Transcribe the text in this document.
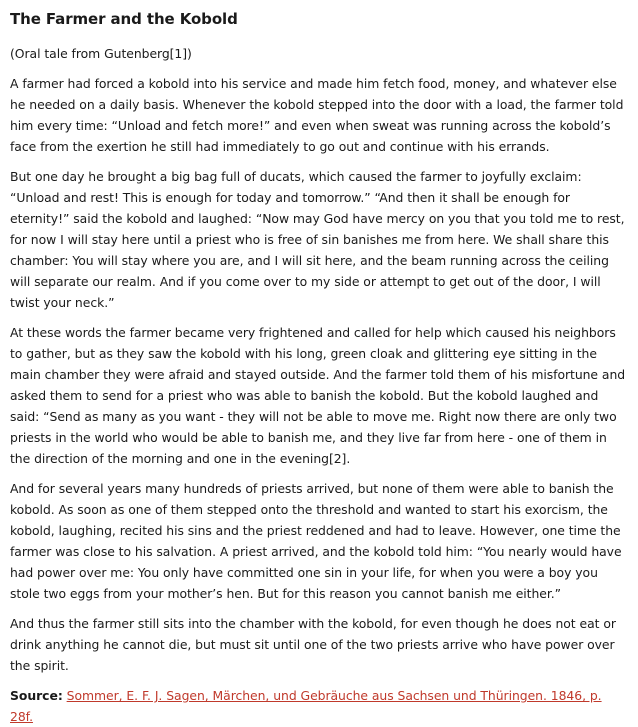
The Farmer and the Kobold

(Oral tale from Gutenberg[1])

A farmer had forced a kobold into his service and made him fetch food, money, and whatever else he needed on a daily basis. Whenever the kobold stepped into the door with a load, the farmer told him every time: “Unload and fetch more!” and even when sweat was running across the kobold’s face from the exertion he still had immediately to go out and continue with his errands.

But one day he brought a big bag full of ducats, which caused the farmer to joyfully exclaim: “Unload and rest! This is enough for today and tomorrow.” “And then it shall be enough for eternity!” said the kobold and laughed: “Now may God have mercy on you that you told me to rest, for now I will stay here until a priest who is free of sin banishes me from here. We shall share this chamber: You will stay where you are, and I will sit here, and the beam running across the ceiling will separate our realm. And if you come over to my side or attempt to get out of the door, I will twist your neck.”

At these words the farmer became very frightened and called for help which caused his neighbors to gather, but as they saw the kobold with his long, green cloak and glittering eye sitting in the main chamber they were afraid and stayed outside. And the farmer told them of his misfortune and asked them to send for a priest who was able to banish the kobold. But the kobold laughed and said: “Send as many as you want - they will not be able to move me. Right now there are only two priests in the world who would be able to banish me, and they live far from here - one of them in the direction of the morning and one in the evening[2].

And for several years many hundreds of priests arrived, but none of them were able to banish the kobold. As soon as one of them stepped onto the threshold and wanted to start his exorcism, the kobold, laughing, recited his sins and the priest reddened and had to leave. However, one time the farmer was close to his salvation. A priest arrived, and the kobold told him: “You nearly would have had power over me: You only have committed one sin in your life, for when you were a boy you stole two eggs from your mother’s hen. But for this reason you cannot banish me either.”

And thus the farmer still sits into the chamber with the kobold, for even though he does not eat or drink anything he cannot die, but must sit until one of the two priests arrive who have power over the spirit.

Source: Sommer, E. F. J. Sagen, Märchen, und Gebräuche aus Sachsen und Thüringen. 1846, p. 28f.
